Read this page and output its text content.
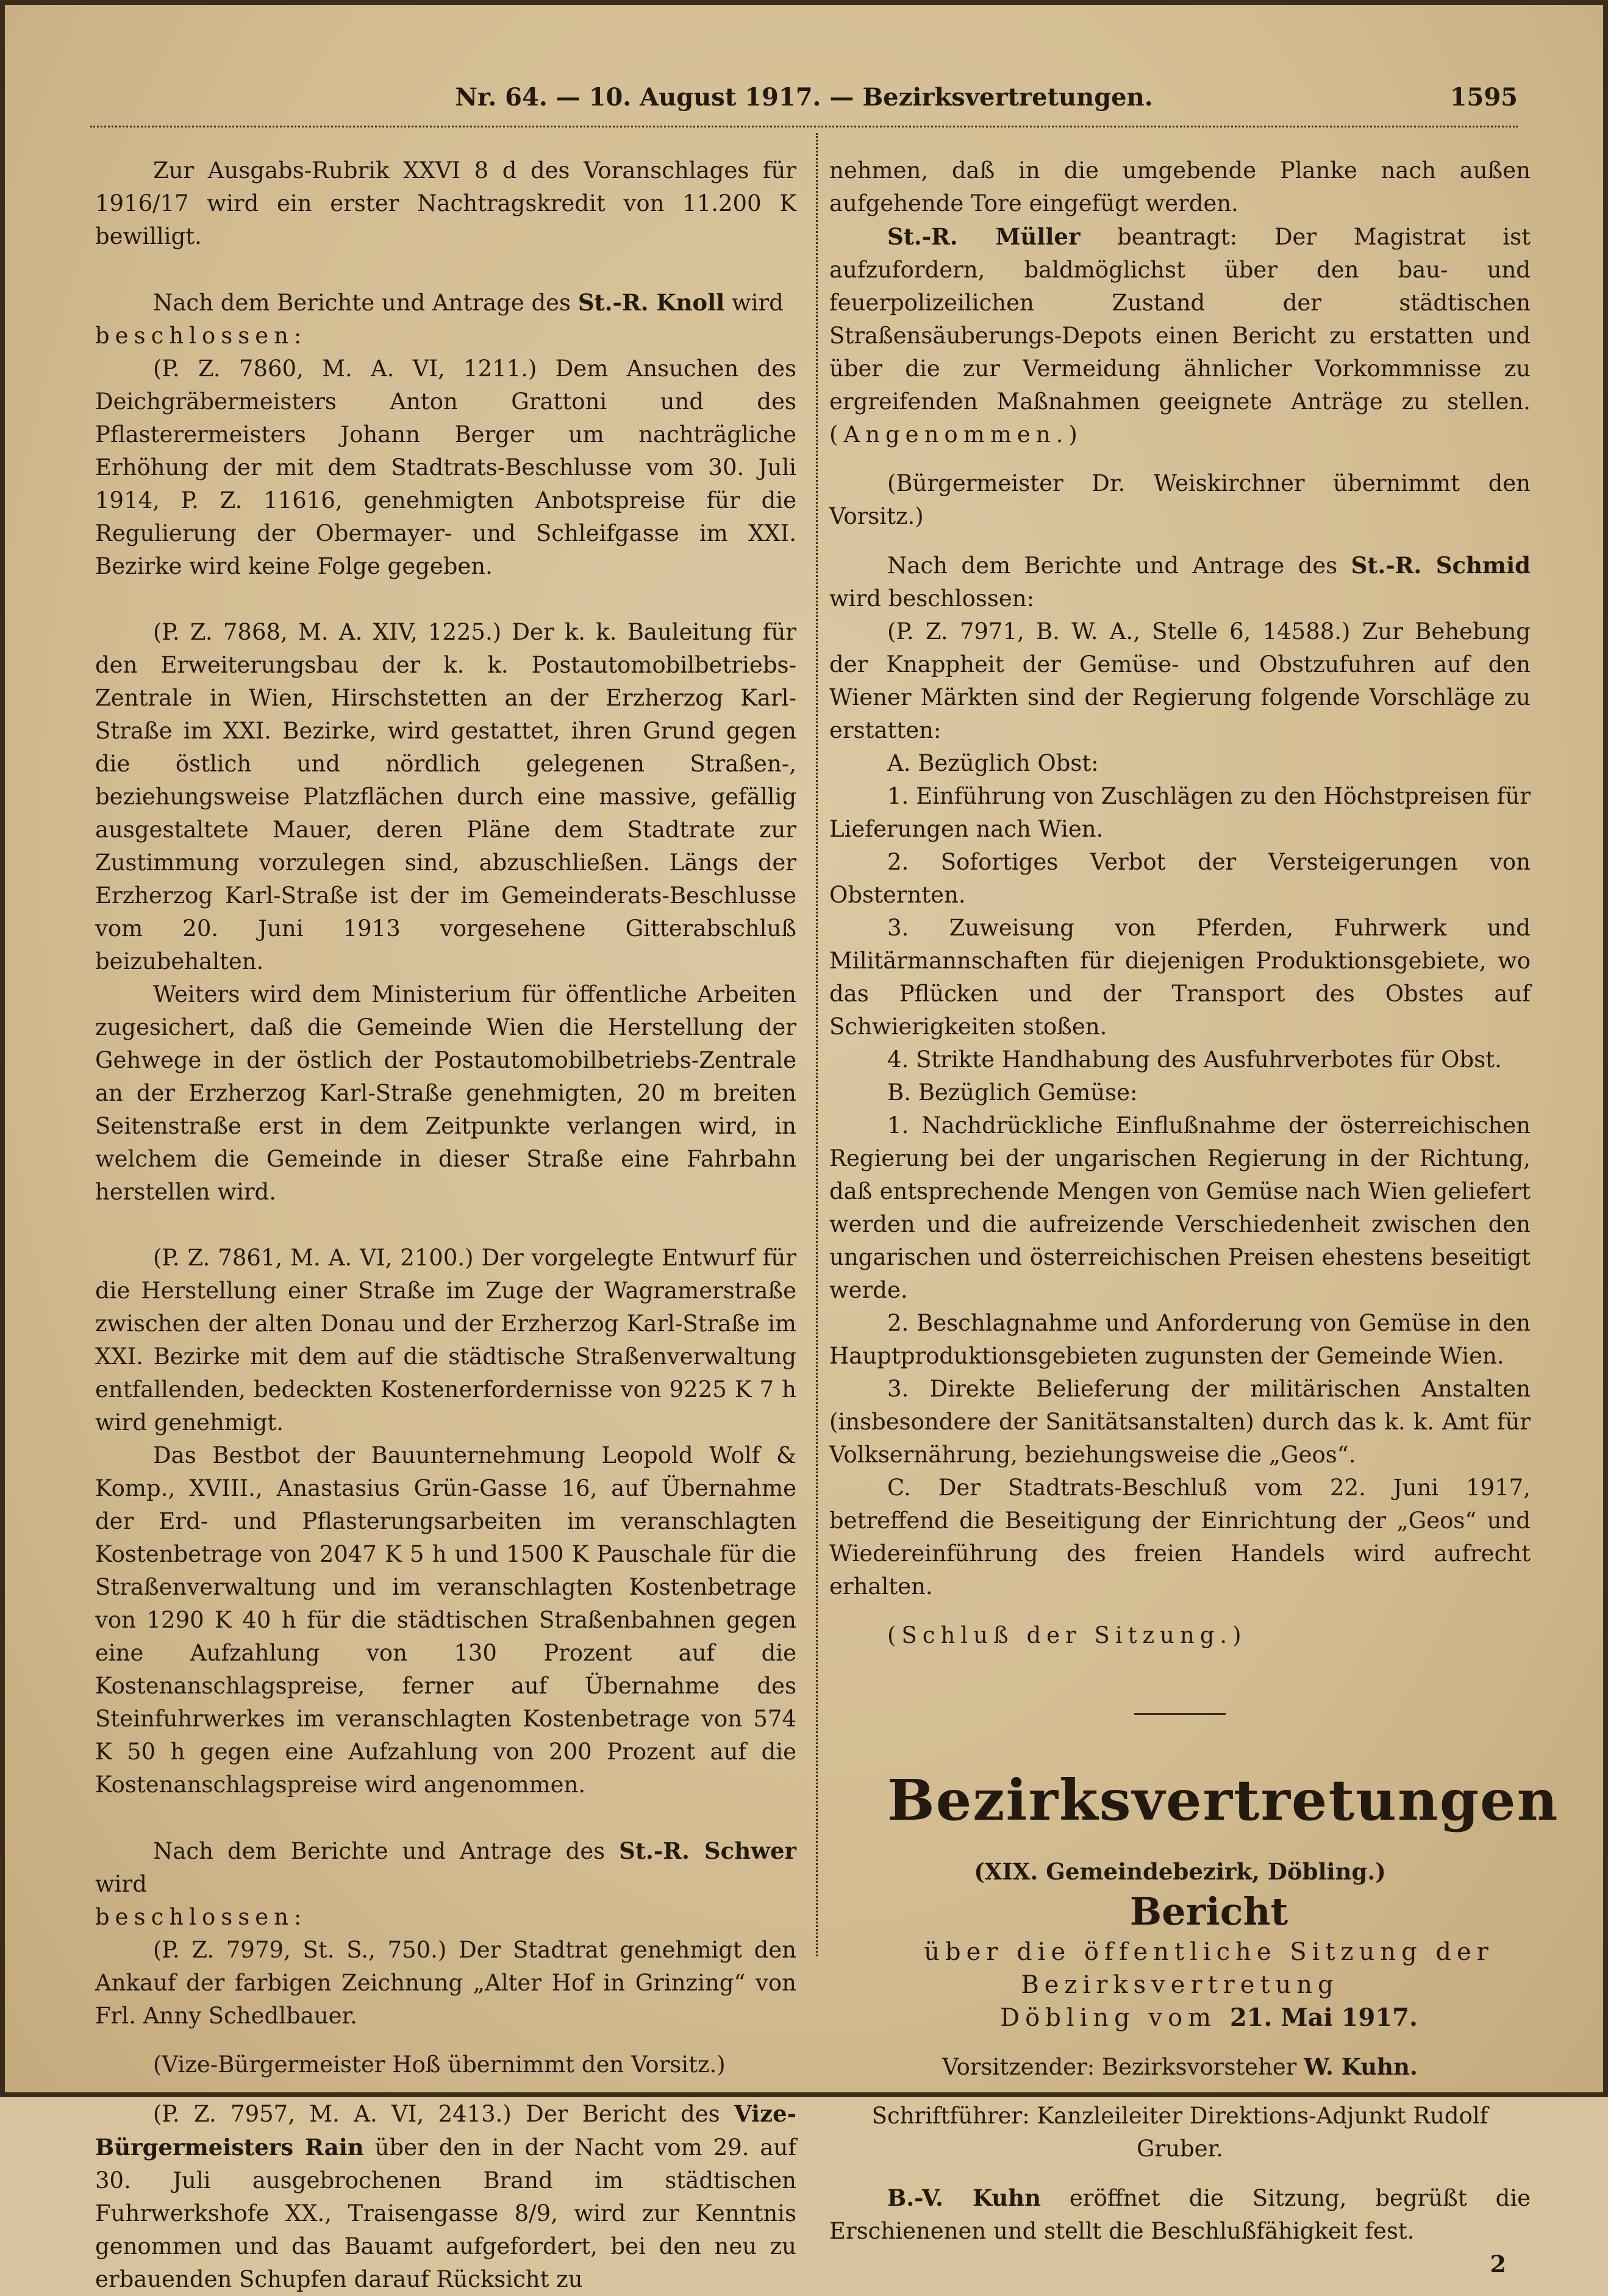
Nr. 64. — 10. August 1917. — Bezirksvertretungen.	1595

Zur Ausgabs-Rubrik XXVI 8 d des Voranschlages für 1916/17 wird ein erster Nachtragskredit von 11.200 K bewilligt.

Nach dem Berichte und Antrage des St.-R. Knoll wird

beschlossen:

(P. Z. 7860, M. A. VI, 1211.) Dem Ansuchen des Deichgräbermeisters Anton Grattoni und des Pflasterermeisters Johann Berger um nachträgliche Erhöhung der mit dem Stadtrats-Beschlusse vom 30. Juli 1914, P. Z. 11616, genehmigten Anbotspreise für die Regulierung der Obermayer- und Schleifgasse im XXI. Bezirke wird keine Folge gegeben.

(P. Z. 7868, M. A. XIV, 1225.) Der k. k. Bauleitung für den Erweiterungsbau der k. k. Postautomobilbetriebs-Zentrale in Wien, Hirschstetten an der Erzherzog Karl-Straße im XXI. Bezirke, wird gestattet, ihren Grund gegen die östlich und nördlich gelegenen Straßen-, beziehungsweise Platzflächen durch eine massive, gefällig ausgestaltete Mauer, deren Pläne dem Stadtrate zur Zustimmung vorzulegen sind, abzuschließen. Längs der Erzherzog Karl-Straße ist der im Gemeinderats-Beschlusse vom 20. Juni 1913 vorgesehene Gitterabschluß beizubehalten.

Weiters wird dem Ministerium für öffentliche Arbeiten zugesichert, daß die Gemeinde Wien die Herstellung der Gehwege in der östlich der Postautomobilbetriebs-Zentrale an der Erzherzog Karl-Straße genehmigten, 20 m breiten Seitenstraße erst in dem Zeitpunkte verlangen wird, in welchem die Gemeinde in dieser Straße eine Fahrbahn herstellen wird.

(P. Z. 7861, M. A. VI, 2100.) Der vorgelegte Entwurf für die Herstellung einer Straße im Zuge der Wagramerstraße zwischen der alten Donau und der Erzherzog Karl-Straße im XXI. Bezirke mit dem auf die städtische Straßenverwaltung entfallenden, bedeckten Kostenerfordernisse von 9225 K 7 h wird genehmigt.

Das Bestbot der Bauunternehmung Leopold Wolf & Komp., XVIII., Anastasius Grün-Gasse 16, auf Übernahme der Erd- und Pflasterungsarbeiten im veranschlagten Kostenbetrage von 2047 K 5 h und 1500 K Pauschale für die Straßenverwaltung und im veranschlagten Kostenbetrage von 1290 K 40 h für die städtischen Straßenbahnen gegen eine Aufzahlung von 130 Prozent auf die Kostenanschlagspreise, ferner auf Übernahme des Steinfuhrwerkes im veranschlagten Kostenbetrage von 574 K 50 h gegen eine Aufzahlung von 200 Prozent auf die Kostenanschlagspreise wird angenommen.

Nach dem Berichte und Antrage des St.-R. Schwer wird

beschlossen:

(P. Z. 7979, St. S., 750.) Der Stadtrat genehmigt den Ankauf der farbigen Zeichnung „Alter Hof in Grinzing“ von Frl. Anny Schedlbauer.

(Vize-Bürgermeister Hoß übernimmt den Vorsitz.)

(P. Z. 7957, M. A. VI, 2413.) Der Bericht des Vize-Bürgermeisters Rain über den in der Nacht vom 29. auf 30. Juli ausgebrochenen Brand im städtischen Fuhrwerkshofe XX., Traisengasse 8/9, wird zur Kenntnis genommen und das Bauamt aufgefordert, bei den neu zu erbauenden Schupfen darauf Rücksicht zu

nehmen, daß in die umgebende Planke nach außen aufgehende Tore eingefügt werden.

St.-R. Müller beantragt: Der Magistrat ist aufzufordern, baldmöglichst über den bau- und feuerpolizeilichen Zustand der städtischen Straßensäuberungs-Depots einen Bericht zu erstatten und über die zur Vermeidung ähnlicher Vorkommnisse zu ergreifenden Maßnahmen geeignete Anträge zu stellen. (Angenommen.)

(Bürgermeister Dr. Weiskirchner übernimmt den Vorsitz.)

Nach dem Berichte und Antrage des St.-R. Schmid wird beschlossen:

(P. Z. 7971, B. W. A., Stelle 6, 14588.) Zur Behebung der Knappheit der Gemüse- und Obstzufuhren auf den Wiener Märkten sind der Regierung folgende Vorschläge zu erstatten:

A. Bezüglich Obst:

1. Einführung von Zuschlägen zu den Höchstpreisen für Lieferungen nach Wien.

2. Sofortiges Verbot der Versteigerungen von Obsternten.

3. Zuweisung von Pferden, Fuhrwerk und Militärmannschaften für diejenigen Produktionsgebiete, wo das Pflücken und der Transport des Obstes auf Schwierigkeiten stoßen.

4. Strikte Handhabung des Ausfuhrverbotes für Obst.

B. Bezüglich Gemüse:

1. Nachdrückliche Einflußnahme der österreichischen Regierung bei der ungarischen Regierung in der Richtung, daß entsprechende Mengen von Gemüse nach Wien geliefert werden und die aufreizende Verschiedenheit zwischen den ungarischen und österreichischen Preisen ehestens beseitigt werde.

2. Beschlagnahme und Anforderung von Gemüse in den Hauptproduktionsgebieten zugunsten der Gemeinde Wien.

3. Direkte Belieferung der militärischen Anstalten (insbesondere der Sanitätsanstalten) durch das k. k. Amt für Volksernährung, beziehungsweise die „Geos“.

C. Der Stadtrats-Beschluß vom 22. Juni 1917, betreffend die Beseitigung der Einrichtung der „Geos“ und Wiedereinführung des freien Handels wird aufrecht erhalten.

(Schluß der Sitzung.)

Bezirksvertretungen

(XIX. Gemeindebezirk, Döbling.)

Bericht

über die öffentliche Sitzung der Bezirksvertretung

Döbling vom 21. Mai 1917.

Vorsitzender: Bezirksvorsteher W. Kuhn.

Schriftführer: Kanzleileiter Direktions-Adjunkt Rudolf Gruber.

B.-V. Kuhn eröffnet die Sitzung, begrüßt die Erschienenen und stellt die Beschlußfähigkeit fest.

2
